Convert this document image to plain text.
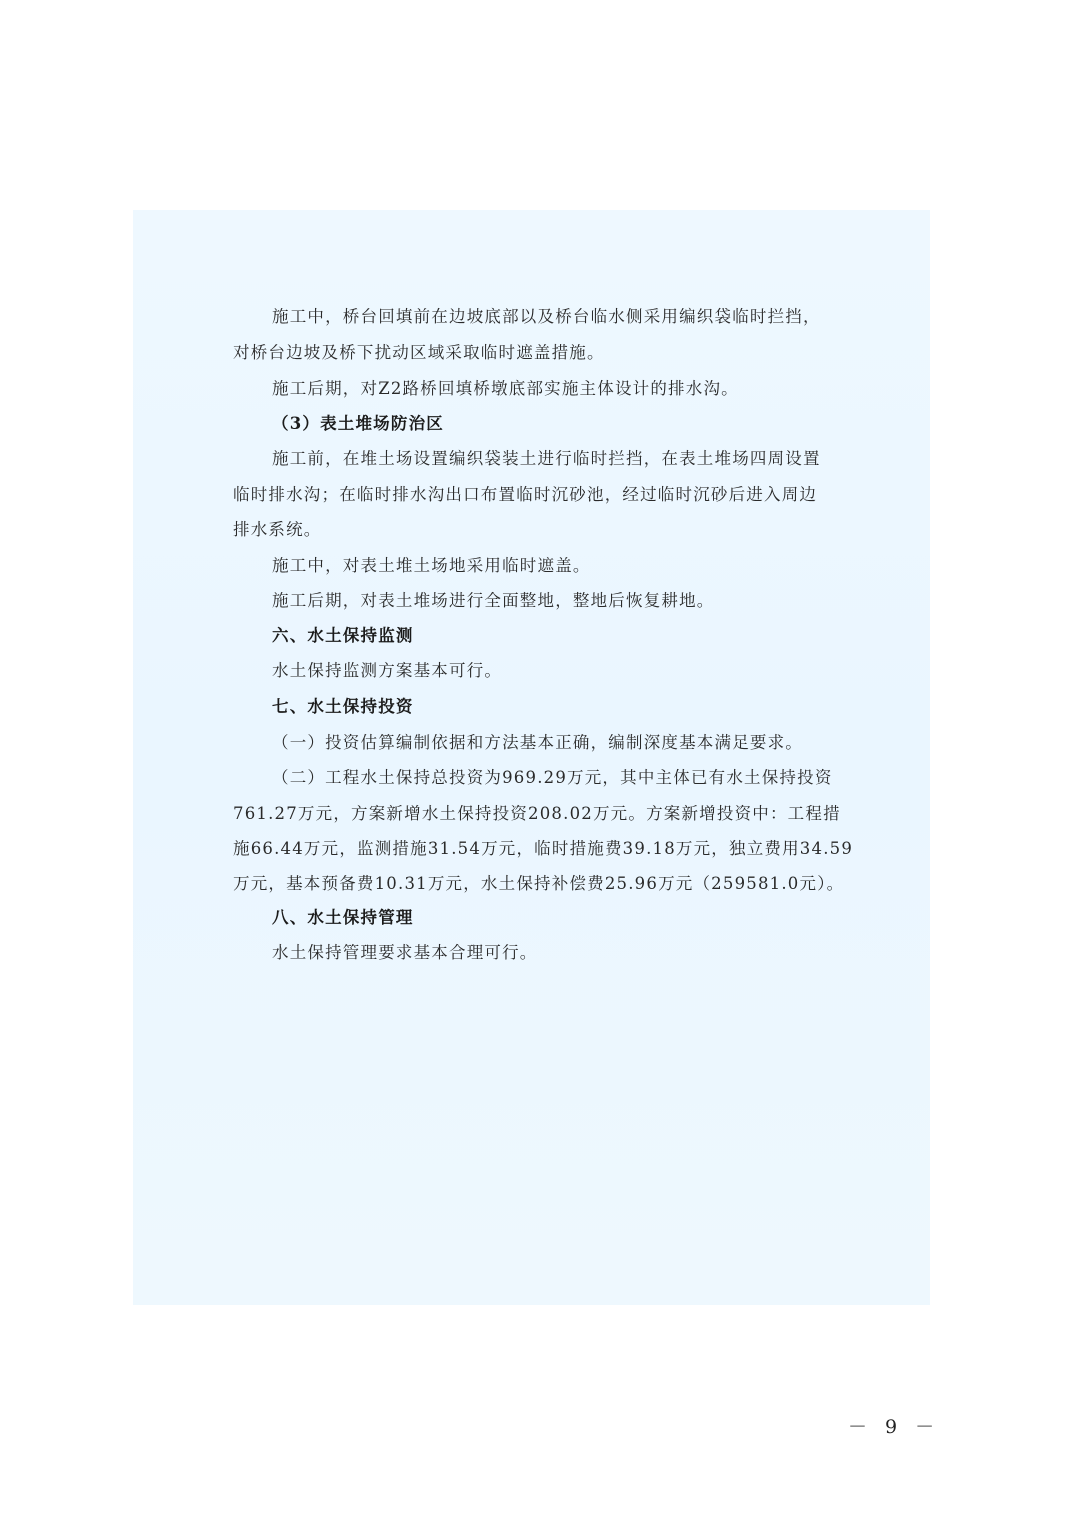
施工中，桥台回填前在边坡底部以及桥台临水侧采用编织袋临时拦挡，
对桥台边坡及桥下扰动区域采取临时遮盖措施。
施工后期，对Z2路桥回填桥墩底部实施主体设计的排水沟。
（3）表土堆场防治区
施工前，在堆土场设置编织袋装土进行临时拦挡，在表土堆场四周设置
临时排水沟；在临时排水沟出口布置临时沉砂池，经过临时沉砂后进入周边
排水系统。
施工中，对表土堆土场地采用临时遮盖。
施工后期，对表土堆场进行全面整地，整地后恢复耕地。
六、水土保持监测
水土保持监测方案基本可行。
七、水土保持投资
（一）投资估算编制依据和方法基本正确，编制深度基本满足要求。
（二）工程水土保持总投资为969.29万元，其中主体已有水土保持投资
761.27万元，方案新增水土保持投资208.02万元。方案新增投资中：工程措
施66.44万元，监测措施31.54万元，临时措施费39.18万元，独立费用34.59
万元，基本预备费10.31万元，水土保持补偿费25.96万元（259581.0元）。
八、水土保持管理
水土保持管理要求基本合理可行。
－ 9 －
